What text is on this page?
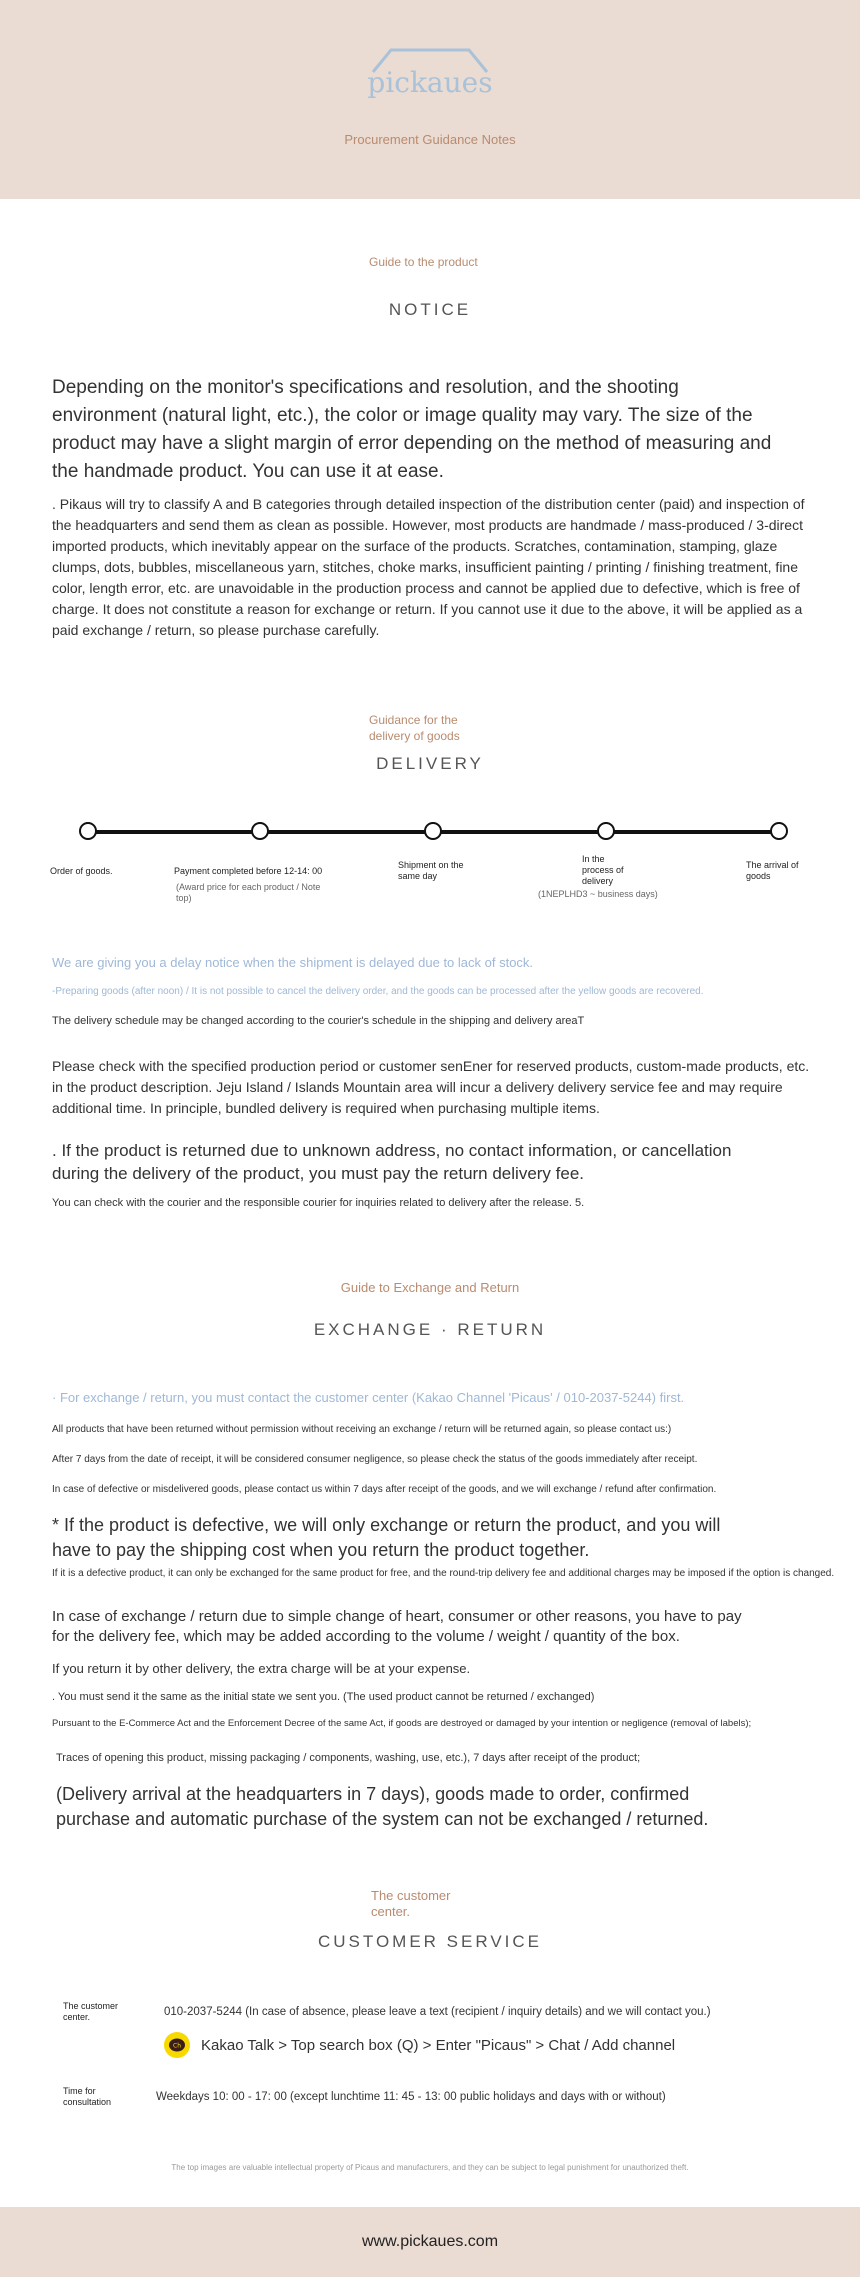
pickaues
Procurement Guidance Notes
Guide to the product
NOTICE
Depending on the monitor's specifications and resolution, and the shooting environment (natural light, etc.), the color or image quality may vary. The size of the product may have a slight margin of error depending on the method of measuring and the handmade product. You can use it at ease.
. Pikaus will try to classify A and B categories through detailed inspection of the distribution center (paid) and inspection of the headquarters and send them as clean as possible. However, most products are handmade / mass-produced / 3-direct imported products, which inevitably appear on the surface of the products. Scratches, contamination, stamping, glaze clumps, dots, bubbles, miscellaneous yarn, stitches, choke marks, insufficient painting / printing / finishing treatment, fine color, length error, etc. are unavoidable in the production process and cannot be applied due to defective, which is free of charge. It does not constitute a reason for exchange or return. If you cannot use it due to the above, it will be applied as a paid exchange / return, so please purchase carefully.
Guidance for the delivery of goods
DELIVERY
Order of goods.	Payment completed before 12-14: 00
(Award price for each product / Note top)
Shipment on the same day
In the process of delivery
(1NEPLHD3 ~ business days)
The arrival of goods
We are giving you a delay notice when the shipment is delayed due to lack of stock.
-Preparing goods (after noon) / It is not possible to cancel the delivery order, and the goods can be processed after the yellow goods are recovered.
The delivery schedule may be changed according to the courier's schedule in the shipping and delivery areaT
Please check with the specified production period or customer senEner for reserved products, custom-made products, etc. in the product description. Jeju Island / Islands Mountain area will incur a delivery delivery service fee and may require additional time. In principle, bundled delivery is required when purchasing multiple items.
. If the product is returned due to unknown address, no contact information, or cancellation during the delivery of the product, you must pay the return delivery fee.
You can check with the courier and the responsible courier for inquiries related to delivery after the release. 5.
Guide to Exchange and Return
EXCHANGE · RETURN
· For exchange / return, you must contact the customer center (Kakao Channel 'Picaus' / 010-2037-5244) first.
All products that have been returned without permission without receiving an exchange / return will be returned again, so please contact us:)
After 7 days from the date of receipt, it will be considered consumer negligence, so please check the status of the goods immediately after receipt.
In case of defective or misdelivered goods, please contact us within 7 days after receipt of the goods, and we will exchange / refund after confirmation.
* If the product is defective, we will only exchange or return the product, and you will have to pay the shipping cost when you return the product together.
If it is a defective product, it can only be exchanged for the same product for free, and the round-trip delivery fee and additional charges may be imposed if the option is changed.
In case of exchange / return due to simple change of heart, consumer or other reasons, you have to pay for the delivery fee, which may be added according to the volume / weight / quantity of the box.
If you return it by other delivery, the extra charge will be at your expense.
. You must send it the same as the initial state we sent you. (The used product cannot be returned / exchanged)
Pursuant to the E-Commerce Act and the Enforcement Decree of the same Act, if goods are destroyed or damaged by your intention or negligence (removal of labels);
Traces of opening this product, missing packaging / components, washing, use, etc.), 7 days after receipt of the product;
(Delivery arrival at the headquarters in 7 days), goods made to order, confirmed purchase and automatic purchase of the system can not be exchanged / returned.
The customer center.
CUSTOMER SERVICE
The customer center.	010-2037-5244 (In case of absence, please leave a text (recipient / inquiry details) and we will contact you.)
Ch Kakao Talk > Top search box (Q) > Enter "Picaus" > Chat / Add channel
Time for consultation	Weekdays 10: 00 - 17: 00 (except lunchtime 11: 45 - 13: 00 public holidays and days with or without)
The top images are valuable intellectual property of Picaus and manufacturers, and they can be subject to legal punishment for unauthorized theft.
www.pickaues.com
